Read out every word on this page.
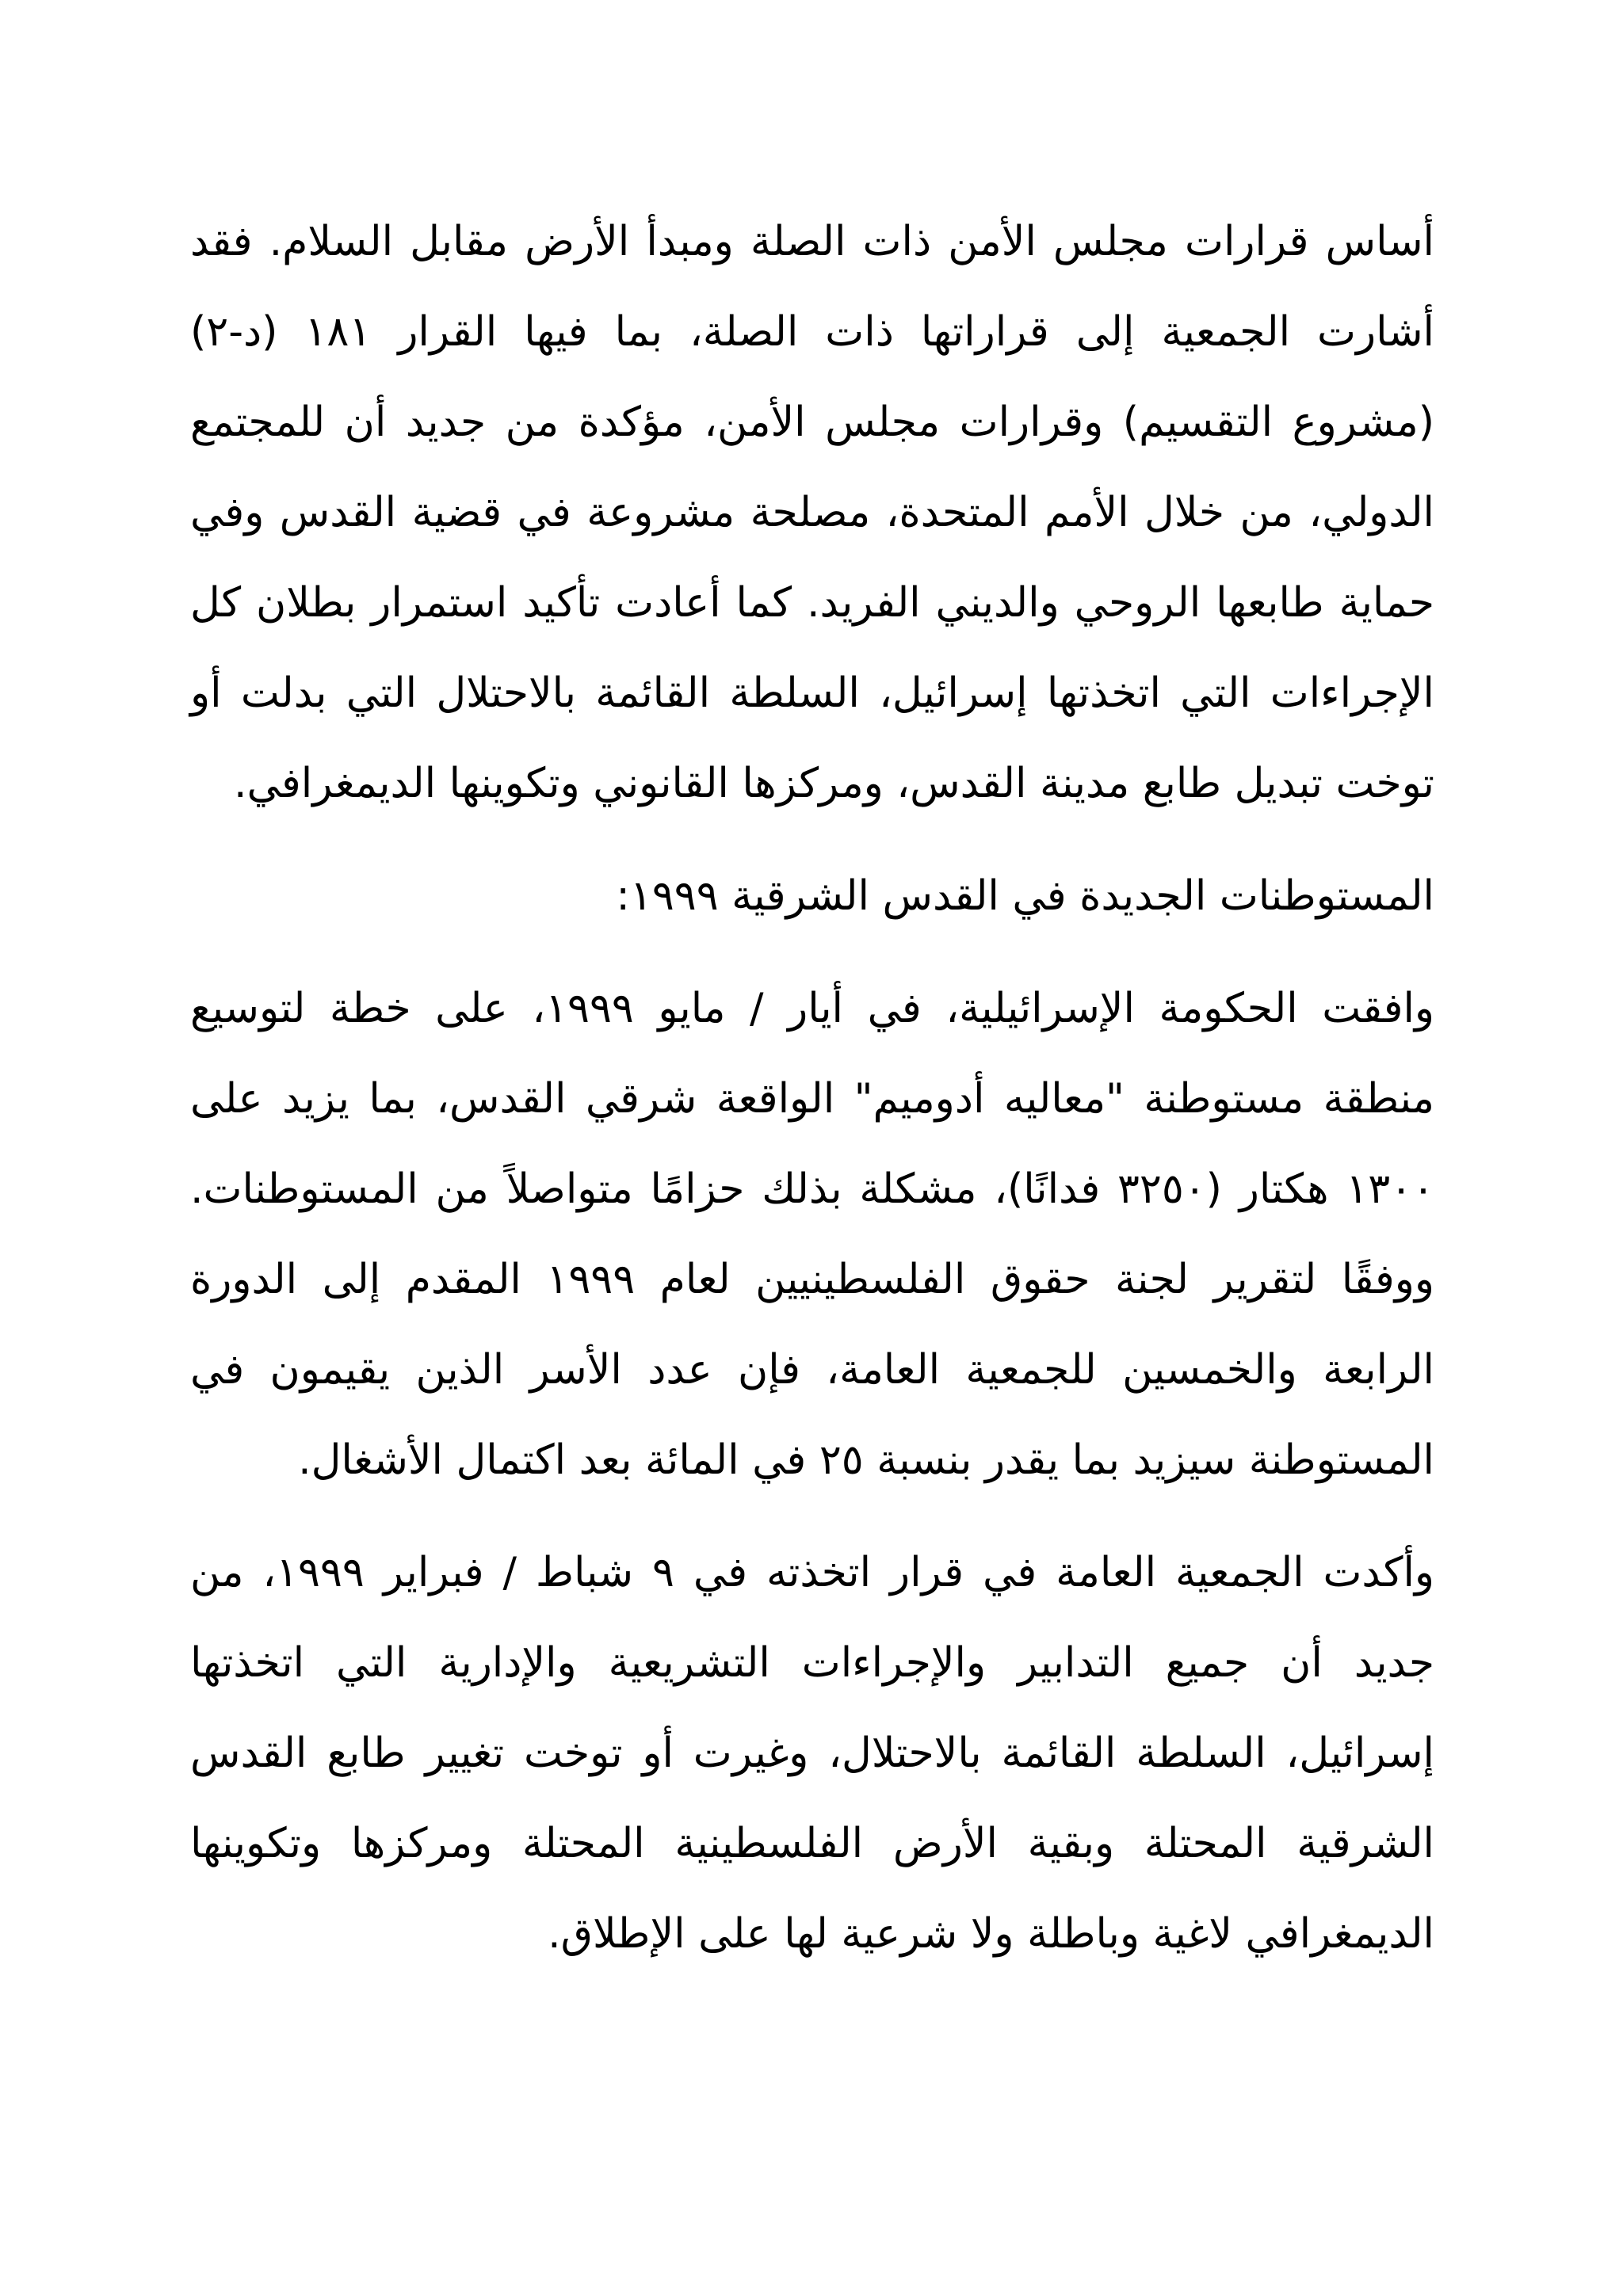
أساس قرارات مجلس الأمن ذات الصلة ومبدأ الأرض مقابل السلام. فقد أشارت الجمعية إلى قراراتها ذات الصلة، بما فيها القرار ١٨١ (د-٢) (مشروع التقسيم) وقرارات مجلس الأمن، مؤكدة من جديد أن للمجتمع الدولي، من خلال الأمم المتحدة، مصلحة مشروعة في قضية القدس وفي حماية طابعها الروحي والديني الفريد. كما أعادت تأكيد استمرار بطلان كل الإجراءات التي اتخذتها إسرائيل، السلطة القائمة بالاحتلال التي بدلت أو توخت تبديل طابع مدينة القدس، ومركزها القانوني وتكوينها الديمغرافي.

المستوطنات الجديدة في القدس الشرقية ١٩٩٩:

وافقت الحكومة الإسرائيلية، في أيار / مايو ١٩٩٩، على خطة لتوسيع منطقة مستوطنة "معاليه أدوميم" الواقعة شرقي القدس، بما يزيد على ١٣٠٠ هكتار (٣٢٥٠ فدانًا)، مشكلة بذلك حزامًا متواصلاً من المستوطنات. ووفقًا لتقرير لجنة حقوق الفلسطينيين لعام ١٩٩٩ المقدم إلى الدورة الرابعة والخمسين للجمعية العامة، فإن عدد الأسر الذين يقيمون في المستوطنة سيزيد بما يقدر بنسبة ٢٥ في المائة بعد اكتمال الأشغال.

وأكدت الجمعية العامة في قرار اتخذته في ٩ شباط / فبراير ١٩٩٩، من جديد أن جميع التدابير والإجراءات التشريعية والإدارية التي اتخذتها إسرائيل، السلطة القائمة بالاحتلال، وغيرت أو توخت تغيير طابع القدس الشرقية المحتلة وبقية الأرض الفلسطينية المحتلة ومركزها وتكوينها الديمغرافي لاغية وباطلة ولا شرعية لها على الإطلاق.
